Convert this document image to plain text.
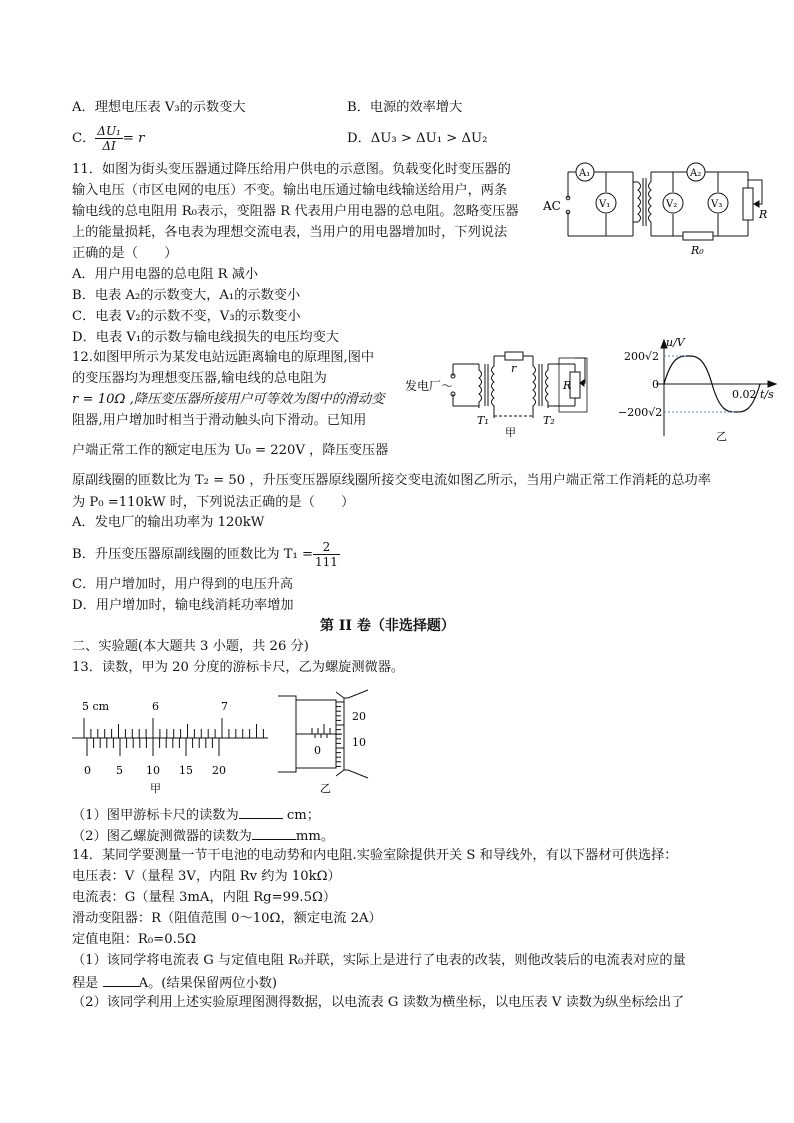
A．理想电压表 V₃的示数变大	B．电源的效率增大
C． $\frac{\text{ΔU₁}}{\Delta I} = r$	D．ΔU₃ > ΔU₁ > ΔU₂
11．如图为街头变压器通过降压给用户供电的示意图。负载变化时变压器的
输入电压（市区电网的电压）不变。输出电压通过输电线输送给用户，两条
输电线的总电阻用 R₀表示，变阻器 R 代表用户用电器的总电阻。忽略变压器
上的能量损耗，各电表为理想交流电表，当用户的用电器增加时，下列说法
正确的是（　　）
A．用户用电器的总电阻 R 减小
B．电表 A₂的示数变大，A₁的示数变小
C．电表 V₂的示数不变，V₃的示数变小
D．电表 V₁的示数与输电线损失的电压均变大
AC
A₁
V₁
A₂
V₂	V₃
R
R₀
12.如图甲所示为某发电站远距离输电的原理图,图中
的变压器均为理想变压器,输电线的总电阻为
r = 10Ω ,降压变压器所接用户可等效为图中的滑动变
阻器,用户增加时相当于滑动触头向下滑动。已知用
户端正常工作的额定电压为 U₀ = 220V ，降压变压器
原副线圈的匝数比为 T₂ = 50 ，升压变压器原线圈所接交变电流如图乙所示，当用户端正常工作消耗的总功率
为 P₀ =110kW 时，下列说法正确的是（　　）
A．发电厂的输出功率为 120kW
B．升压变压器原副线圈的匝数比为 $T_1 = \frac{2}{111}$
C．用户增加时，用户得到的电压升高
D．用户增加时，输电线消耗功率增加
发电厂～
r
R
T₁	T₂
甲
u/V
200√2
0
−200√2
0.02 t/s
乙
第 II 卷（非选择题）
二、实验题(本大题共 3 小题，共 26 分)
13．读数，甲为 20 分度的游标卡尺，乙为螺旋测微器。
5 cm	6	7
0 5 10 15 20
甲
20
10
0
乙
（1）图甲游标卡尺的读数为	cm；
（2）图乙螺旋测微器的读数为	mm。
14．某同学要测量一节干电池的电动势和内电阻.实验室除提供开关 S 和导线外，有以下器材可供选择：
电压表：V（量程 3V，内阻 Rv 约为 10kΩ）
电流表：G（量程 3mA，内阻 Rg=99.5Ω）
滑动变阻器：R（阻值范围 0～10Ω，额定电流 2A）
定值电阻：R₀=0.5Ω
（1）该同学将电流表 G 与定值电阻 R₀并联，实际上是进行了电表的改装，则他改装后的电流表对应的量
程是	A。(结果保留两位小数)
（2）该同学利用上述实验原理图测得数据，以电流表 G 读数为横坐标，以电压表 V 读数为纵坐标绘出了
